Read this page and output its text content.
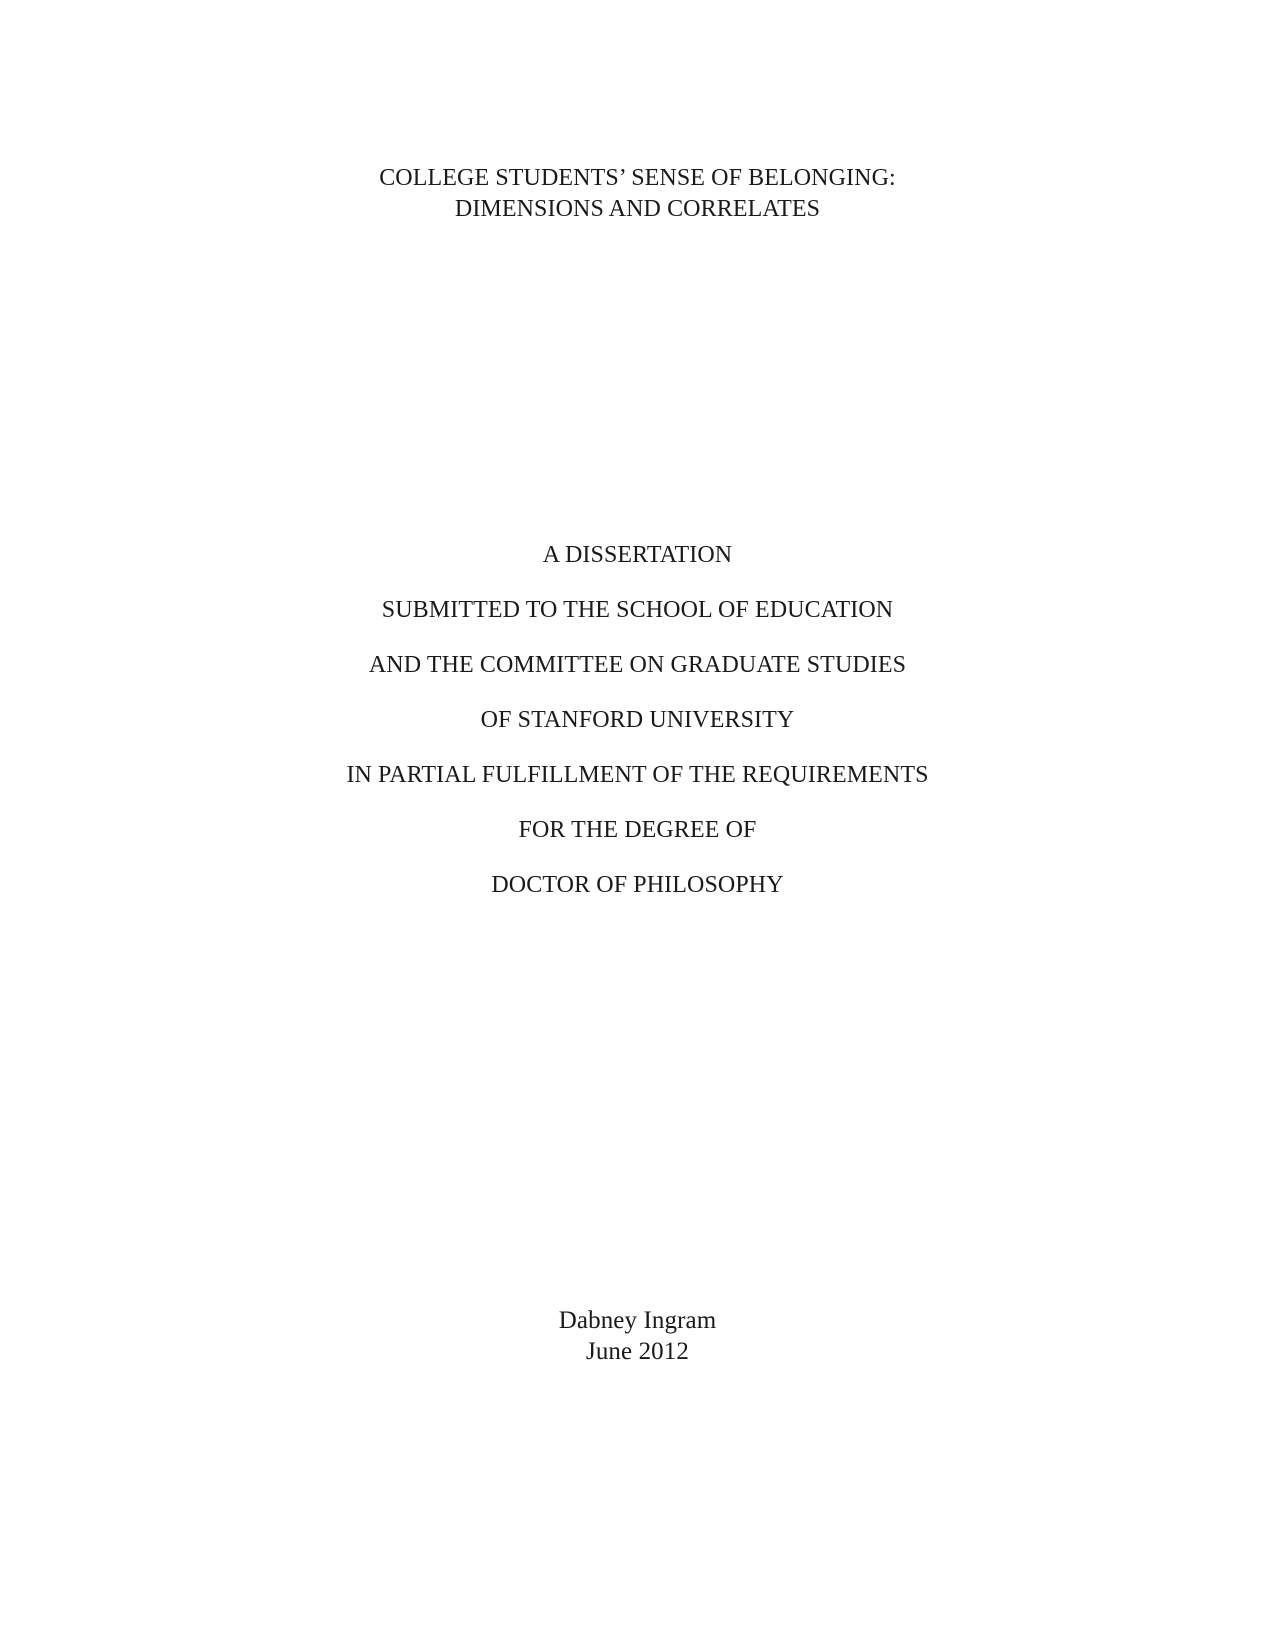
COLLEGE STUDENTS’ SENSE OF BELONGING:
DIMENSIONS AND CORRELATES
A DISSERTATION
SUBMITTED TO THE SCHOOL OF EDUCATION
AND THE COMMITTEE ON GRADUATE STUDIES
OF STANFORD UNIVERSITY
IN PARTIAL FULFILLMENT OF THE REQUIREMENTS
FOR THE DEGREE OF
DOCTOR OF PHILOSOPHY
Dabney Ingram
June 2012
